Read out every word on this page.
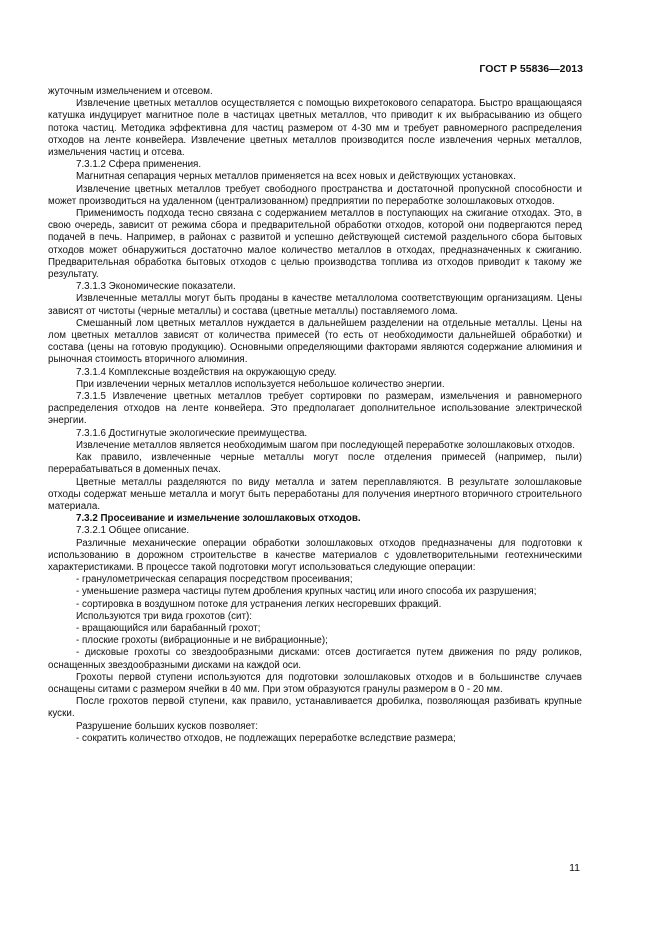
ГОСТ Р 55836—2013

жуточным измельчением и отсевом.

Извлечение цветных металлов осуществляется с помощью вихретокового сепаратора. Быстро вращающаяся катушка индуцирует магнитное поле в частицах цветных металлов, что приводит к их выбрасыванию из общего потока частиц. Методика эффективна для частиц размером от 4-30 мм и требует равномерного распределения отходов на ленте конвейера. Извлечение цветных металлов производится после извлечения черных металлов, измельчения частиц и отсева.

7.3.1.2 Сфера применения.

Магнитная сепарация черных металлов применяется на всех новых и действующих установках.

Извлечение цветных металлов требует свободного пространства и достаточной пропускной способности и может производиться на удаленном (централизованном) предприятии по переработке золошлаковых отходов.

Применимость подхода тесно связана с содержанием металлов в поступающих на сжигание отходах. Это, в свою очередь, зависит от режима сбора и предварительной обработки отходов, которой они подвергаются перед подачей в печь. Например, в районах с развитой и успешно действующей системой раздельного сбора бытовых отходов может обнаружиться достаточно малое количество металлов в отходах, предназначенных к сжиганию. Предварительная обработка бытовых отходов с целью производства топлива из отходов приводит к такому же результату.

7.3.1.3 Экономические показатели.

Извлеченные металлы могут быть проданы в качестве металлолома соответствующим организациям. Цены зависят от чистоты (черные металлы) и состава (цветные металлы) поставляемого лома.

Смешанный лом цветных металлов нуждается в дальнейшем разделении на отдельные металлы. Цены на лом цветных металлов зависят от количества примесей (то есть от необходимости дальнейшей обработки) и состава (цены на готовую продукцию). Основными определяющими факторами являются содержание алюминия и рыночная стоимость вторичного алюминия.

7.3.1.4 Комплексные воздействия на окружающую среду.

При извлечении черных металлов используется небольшое количество энергии.

7.3.1.5 Извлечение цветных металлов требует сортировки по размерам, измельчения и равномерного распределения отходов на ленте конвейера. Это предполагает дополнительное использование электрической энергии.

7.3.1.6 Достигнутые экологические преимущества.

Извлечение металлов является необходимым шагом при последующей переработке золошлаковых отходов.

Как правило, извлеченные черные металлы могут после отделения примесей (например, пыли) перерабатываться в доменных печах.

Цветные металлы разделяются по виду металла и затем переплавляются. В результате золошлаковые отходы содержат меньше металла и могут быть переработаны для получения инертного вторичного строительного материала.

7.3.2 Просеивание и измельчение золошлаковых отходов.

7.3.2.1 Общее описание.

Различные механические операции обработки золошлаковых отходов предназначены для подготовки к использованию в дорожном строительстве в качестве материалов с удовлетворительными геотехническими характеристиками. В процессе такой подготовки могут использоваться следующие операции:

- гранулометрическая сепарация посредством просеивания;

- уменьшение размера частицы путем дробления крупных частиц или иного способа их разрушения;

- сортировка в воздушном потоке для устранения легких несгоревших фракций.

Используются три вида грохотов (сит):

- вращающийся или барабанный грохот;

- плоские грохоты (вибрационные и не вибрационные);

- дисковые грохоты со звездообразными дисками: отсев достигается путем движения по ряду роликов, оснащенных звездообразными дисками на каждой оси.

Грохоты первой ступени используются для подготовки золошлаковых отходов и в большинстве случаев оснащены ситами с размером ячейки в 40 мм. При этом образуются гранулы размером в 0 - 20 мм.

После грохотов первой ступени, как правило, устанавливается дробилка, позволяющая разбивать крупные куски.

Разрушение больших кусков позволяет:

- сократить количество отходов, не подлежащих переработке вследствие размера;

11
